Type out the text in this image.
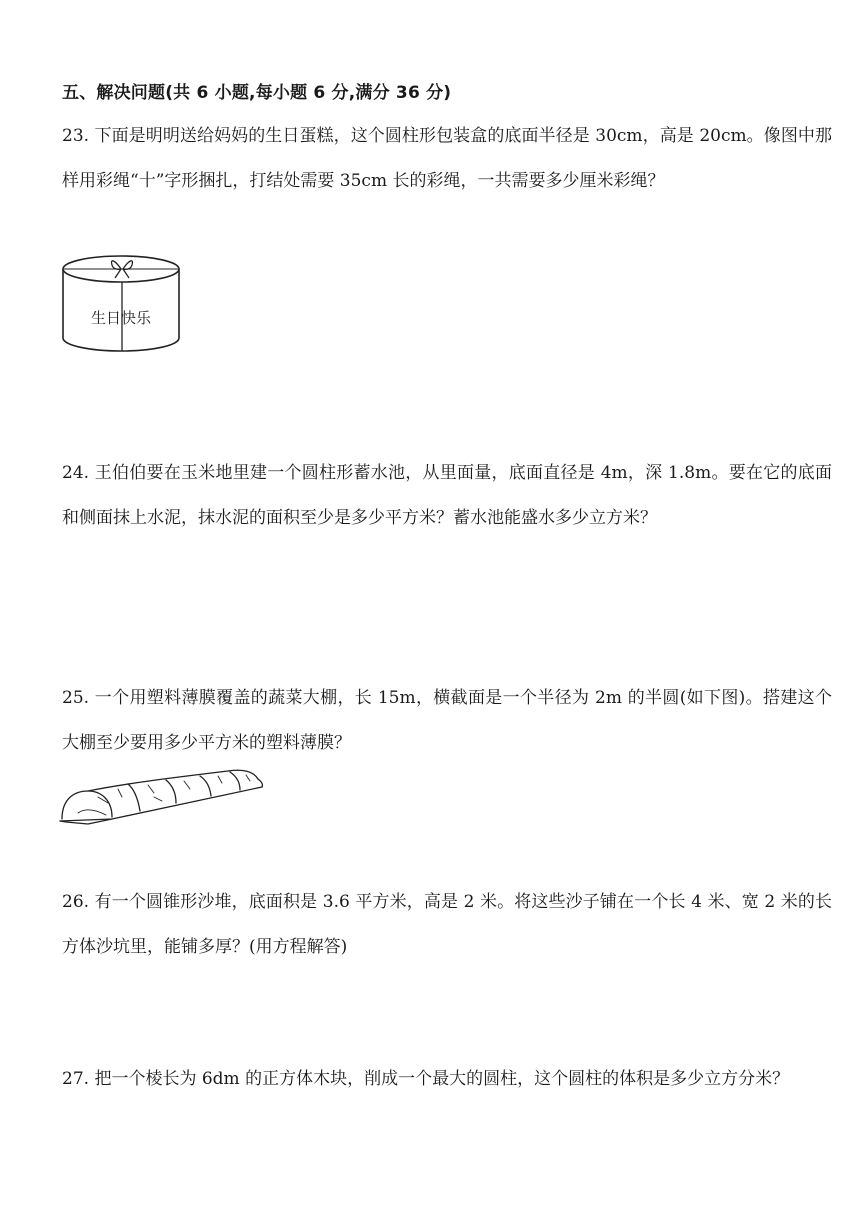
五、解决问题(共 6 小题,每小题 6 分,满分 36 分)

23. 下面是明明送给妈妈的生日蛋糕，这个圆柱形包装盒的底面半径是 30cm，高是 20cm。像图中那样用彩绳“十”字形捆扎，打结处需要 35cm 长的彩绳，一共需要多少厘米彩绳？

生日快乐

24. 王伯伯要在玉米地里建一个圆柱形蓄水池，从里面量，底面直径是 4m，深 1.8m。要在它的底面和侧面抹上水泥，抹水泥的面积至少是多少平方米？蓄水池能盛水多少立方米？

25. 一个用塑料薄膜覆盖的蔬菜大棚，长 15m，横截面是一个半径为 2m 的半圆(如下图)。搭建这个大棚至少要用多少平方米的塑料薄膜？

26. 有一个圆锥形沙堆，底面积是 3.6 平方米，高是 2 米。将这些沙子铺在一个长 4 米、宽 2 米的长方体沙坑里，能铺多厚？(用方程解答)

27. 把一个棱长为 6dm 的正方体木块，削成一个最大的圆柱，这个圆柱的体积是多少立方分米？
